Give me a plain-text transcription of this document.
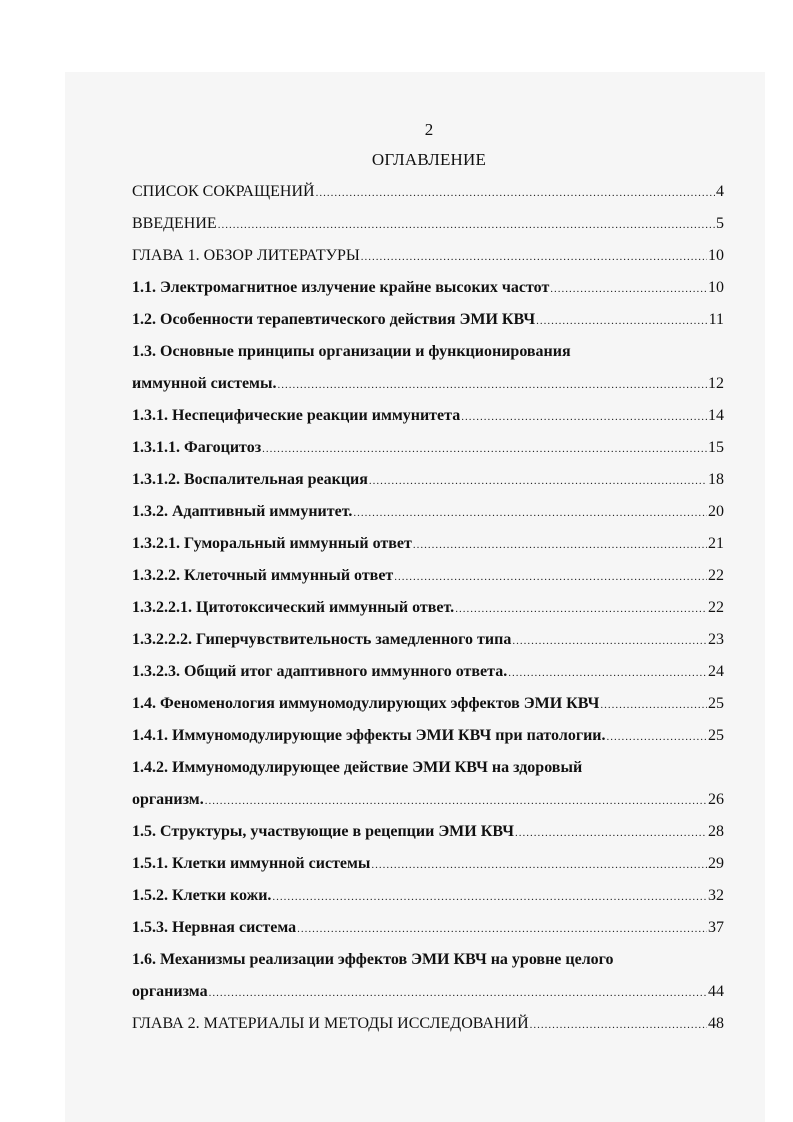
2
ОГЛАВЛЕНИЕ
СПИСОК СОКРАЩЕНИЙ .....	4
ВВЕДЕНИЕ .....	5
ГЛАВА 1. ОБЗОР ЛИТЕРАТУРЫ .....	10
1.1. Электромагнитное излучение крайне высоких частот .....	10
1.2. Особенности терапевтического действия ЭМИ КВЧ .....	11
1.3. Основные принципы организации и функционирования
иммунной системы. .....	12
1.3.1. Неспецифические реакции иммунитета .....	14
1.3.1.1. Фагоцитоз .....	15
1.3.1.2. Воспалительная реакция .....	18
1.3.2. Адаптивный иммунитет. .....	20
1.3.2.1. Гуморальный иммунный ответ .....	21
1.3.2.2. Клеточный иммунный ответ .....	22
1.3.2.2.1. Цитотоксический иммунный ответ. .....	22
1.3.2.2.2. Гиперчувствительность замедленного типа .....	23
1.3.2.3. Общий итог адаптивного иммунного ответа. .....	24
1.4. Феноменология иммуномодулирующих эффектов ЭМИ КВЧ .....	25
1.4.1. Иммуномодулирующие эффекты ЭМИ КВЧ при патологии. .....	25
1.4.2. Иммуномодулирующее действие ЭМИ КВЧ на здоровый
организм. .....	26
1.5. Структуры, участвующие в рецепции ЭМИ КВЧ .....	28
1.5.1. Клетки иммунной системы .....	29
1.5.2. Клетки кожи. .....	32
1.5.3. Нервная система .....	37
1.6. Механизмы реализации эффектов ЭМИ КВЧ на уровне целого
организма .....	44
ГЛАВА 2. МАТЕРИАЛЫ И МЕТОДЫ ИССЛЕДОВАНИЙ .....	48
